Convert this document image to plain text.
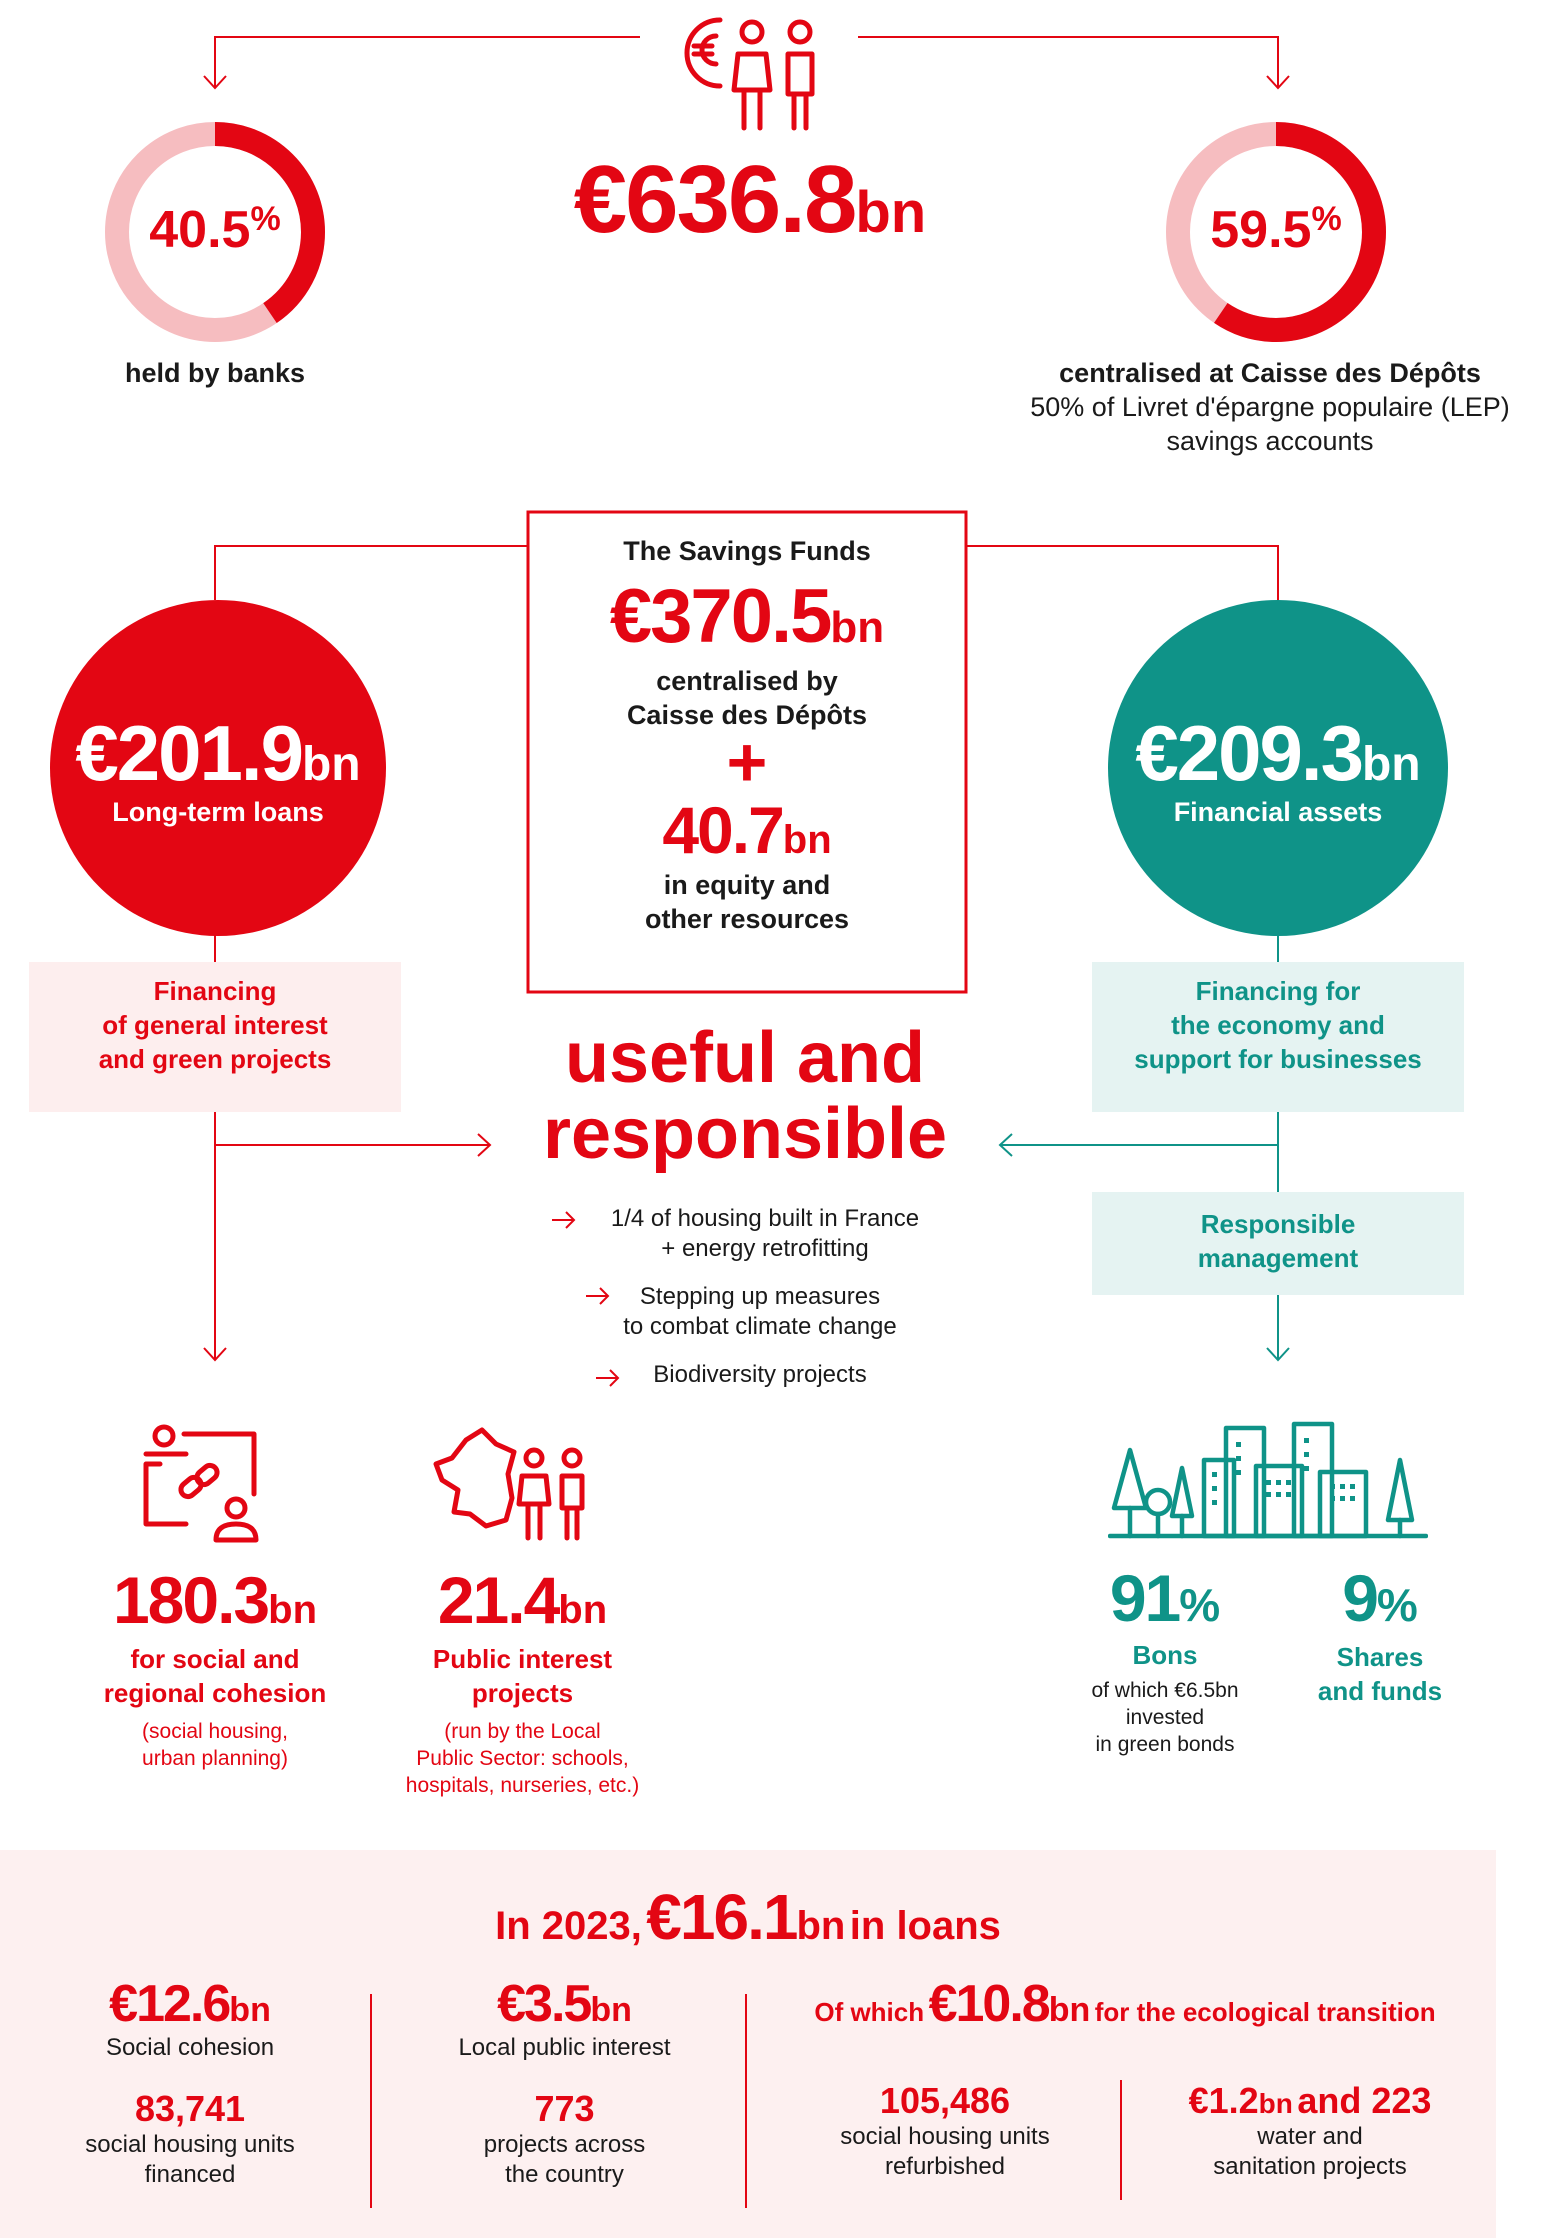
€636.8bn
40.5%
held by banks
59.5%
centralised at Caisse des Dépôts
50% of Livret d'épargne populaire (LEP)
savings accounts
The Savings Funds
€370.5bn
centralised by
Caisse des Dépôts
+
40.7bn
in equity and
other resources
€201.9bn
Long-term loans
Financing
of general interest
and green projects
€209.3bn
Financial assets
Financing for
the economy and
support for businesses
Responsible
management
useful and
responsible
1/4 of housing built in France
+ energy retrofitting
Stepping up measures
to combat climate change
Biodiversity projects
180.3bn
for social and
regional cohesion
(social housing,
urban planning)
21.4bn
Public interest
projects
(run by the Local
Public Sector: schools,
hospitals, nurseries, etc.)
91%
Bons
of which €6.5bn
invested
in green bonds
9%
Shares
and funds
In 2023, €16.1bn in loans
€12.6bn
Social cohesion
83,741
social housing units
financed
€3.5bn
Local public interest
773
projects across
the country
Of which €10.8bn for the ecological transition
105,486
social housing units
refurbished
€1.2bn and 223
water and
sanitation projects
